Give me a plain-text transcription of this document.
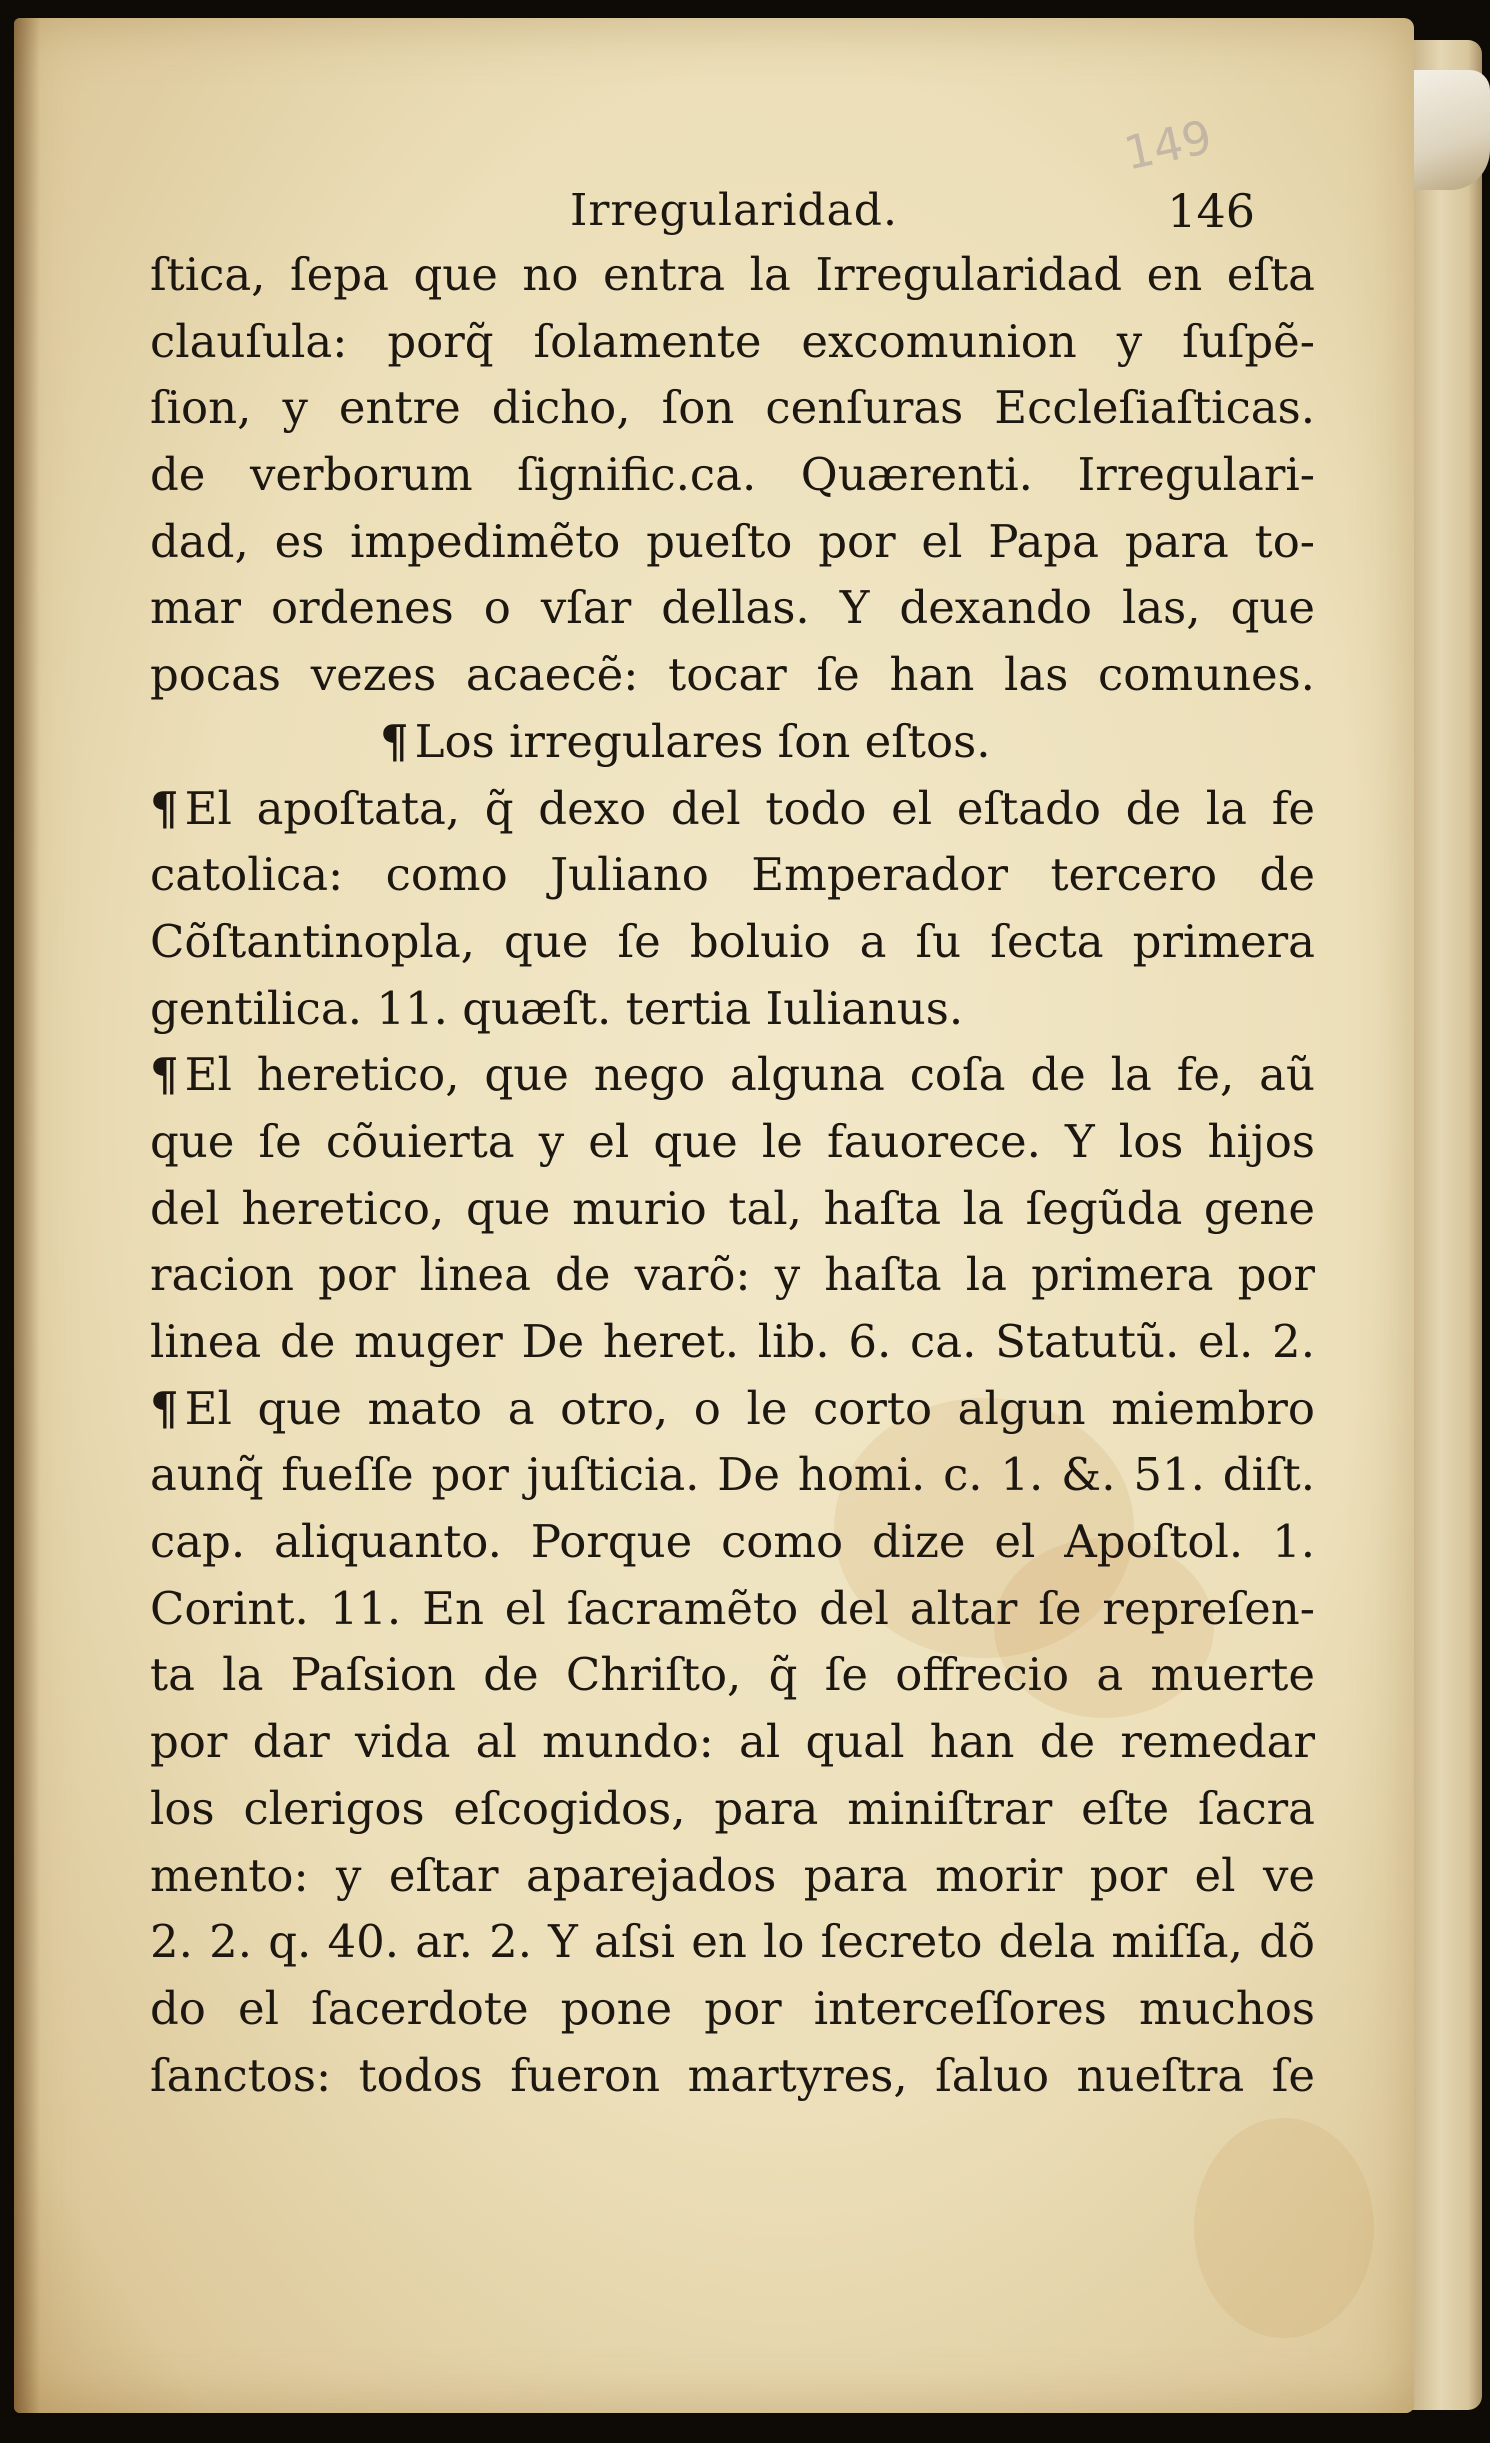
149
Irregularidad.	146
ſtica, ſepa que no entra la Irregularidad en eſta
clauſula: porq̃ ſolamente excomunion y ſuſpẽ-
ſion, y entre dicho, ſon cenſuras Eccleſiaſticas.
de verborum ſignific.ca. Quærenti. Irregulari-
dad, es impedimẽto pueſto por el Papa para to-
mar ordenes o vſar dellas. Y dexando las, que
pocas vezes acaecẽ: tocar ſe han las comunes.
¶ Los irregulares ſon eſtos.
¶ El apoſtata, q̃ dexo del todo el eſtado de la fe
catolica: como Juliano Emperador tercero de
Cõſtantinopla, que ſe boluio a ſu ſecta primera
gentilica. 11. quæſt. tertia Iulianus.
¶ El heretico, que nego alguna coſa de la fe, aũ
que ſe cõuierta y el que le fauorece. Y los hijos
del heretico, que murio tal, haſta la ſegũda gene
racion por linea de varõ: y haſta la primera por
linea de muger De heret. lib. 6. ca. Statutũ. el. 2.
¶ El que mato a otro, o le corto algun miembro
aunq̃ fueſſe por juſticia. De homi. c. 1. &. 51. diſt.
cap. aliquanto. Porque como dize el Apoſtol. 1.
Corint. 11. En el ſacramẽto del altar ſe repreſen-
ta la Paſsion de Chriſto, q̃ ſe offrecio a muerte
por dar vida al mundo: al qual han de remedar
los clerigos eſcogidos, para miniſtrar eſte ſacra
mento: y eſtar aparejados para morir por el ve
2. 2. q. 40. ar. 2. Y aſsi en lo ſecreto dela miſſa, dõ
do el ſacerdote pone por interceſſores muchos
ſanctos: todos fueron martyres, ſaluo nueſtra ſe
